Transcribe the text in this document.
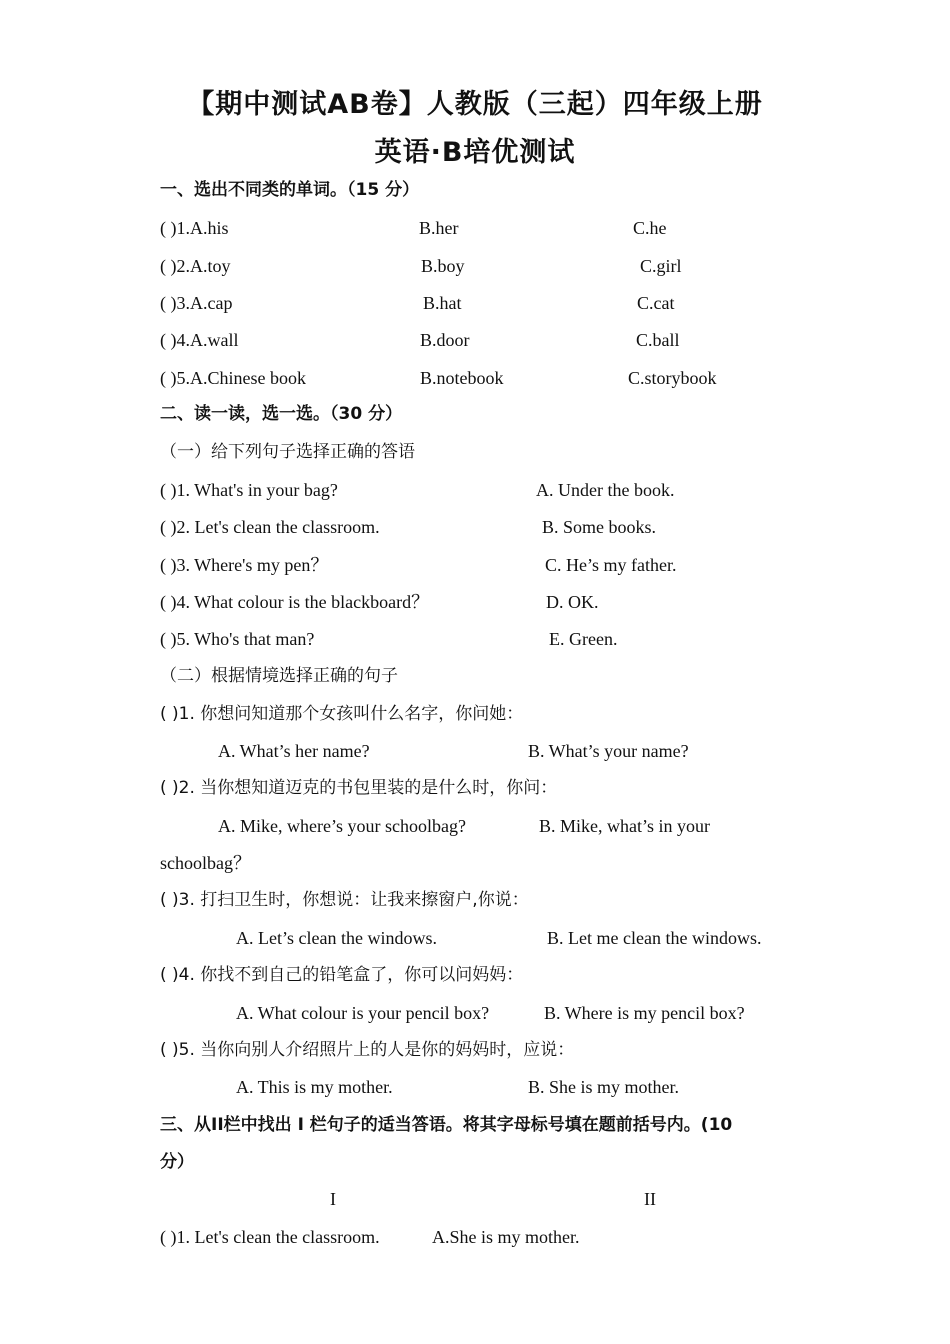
【期中测试AB卷】人教版（三起）四年级上册
英语·B培优测试
一、选出不同类的单词。（15 分）
( )1.A.his	B.her	C.he
( )2.A.toy	B.boy	C.girl
( )3.A.cap	B.hat	C.cat
( )4.A.wall	B.door	C.ball
( )5.A.Chinese book	B.notebook	C.storybook
二、读一读，选一选。（30 分）
（一）给下列句子选择正确的答语
( )1. What's in your bag?	A. Under the book.
( )2. Let's clean the classroom.	B. Some books.
( )3. Where's my pen？	C. He’s my father.
( )4. What colour is the blackboard？	D. OK.
( )5. Who's that man?	E. Green.
（二）根据情境选择正确的句子
( )1. 你想问知道那个女孩叫什么名字，你问她：
A. What’s her name?	B. What’s your name?
( )2. 当你想知道迈克的书包里装的是什么时，你问：
A. Mike, where’s your schoolbag?	B. Mike, what’s in your
schoolbag？
( )3. 打扫卫生时，你想说：让我来擦窗户,你说：
A. Let’s clean the windows.	B. Let me clean the windows.
( )4. 你找不到自己的铅笔盒了，你可以问妈妈：
A. What colour is your pencil box?	B. Where is my pencil box?
( )5. 当你向别人介绍照片上的人是你的妈妈时，应说：
A. This is my mother.	B. She is my mother.
三、从II栏中找出 I 栏句子的适当答语。将其字母标号填在题前括号内。(10
分）
I	II
( )1. Let's clean the classroom.	A.She is my mother.
